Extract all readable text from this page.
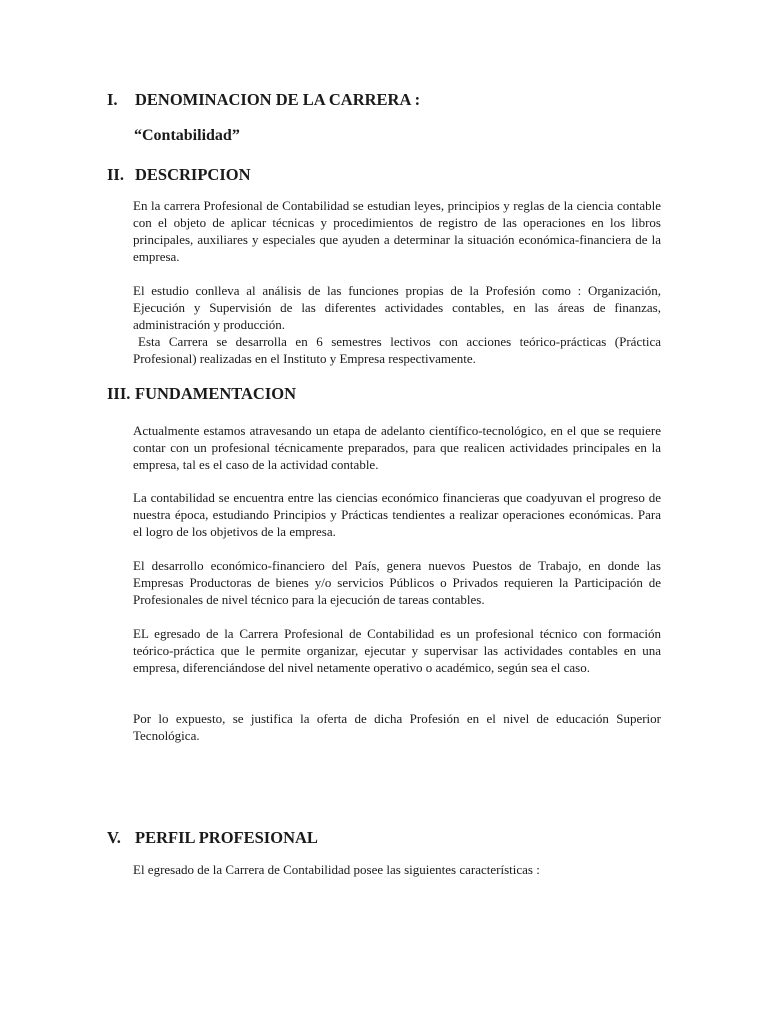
I. DENOMINACION DE LA CARRERA :
“Contabilidad”
II. DESCRIPCION

En la carrera Profesional de Contabilidad se estudian leyes, principios y reglas de la ciencia contable con el objeto de aplicar técnicas y procedimientos de registro de las operaciones en los libros principales, auxiliares y especiales que ayuden a determinar la situación económica-financiera de la empresa.

El estudio conlleva al análisis de las funciones propias de la Profesión como : Organización, Ejecución y Supervisión de las diferentes actividades contables, en las áreas de finanzas, administración y producción.

Esta Carrera se desarrolla en 6 semestres lectivos con acciones teórico-prácticas (Práctica Profesional) realizadas en el Instituto y Empresa respectivamente.

III. FUNDAMENTACION

Actualmente estamos atravesando un etapa de adelanto científico-tecnológico, en el que se requiere contar con un profesional técnicamente preparados, para que realicen actividades principales en la empresa, tal es el caso de la actividad contable.

La contabilidad se encuentra entre las ciencias económico financieras que coadyuvan el progreso de nuestra época, estudiando Principios y Prácticas tendientes a realizar operaciones económicas. Para el logro de los objetivos de la empresa.

El desarrollo económico-financiero del País, genera nuevos Puestos de Trabajo, en donde las Empresas Productoras de bienes y/o servicios Públicos o Privados requieren la Participación de Profesionales de nivel técnico para la ejecución de tareas contables.

EL egresado de la Carrera Profesional de Contabilidad es un profesional técnico con formación teórico-práctica que le permite organizar, ejecutar y supervisar las actividades contables en una empresa, diferenciándose del nivel netamente operativo o académico, según sea el caso.

Por lo expuesto, se justifica la oferta de dicha Profesión en el nivel de educación Superior Tecnológica.

V. PERFIL PROFESIONAL

El egresado de la Carrera de Contabilidad posee las siguientes características :
